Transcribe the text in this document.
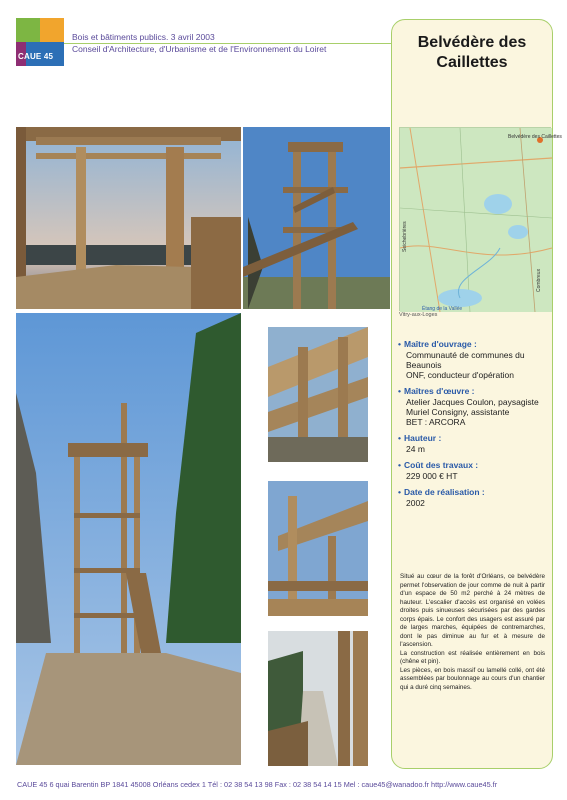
CAUE 45
Bois et bâtiments publics. 3 avril 2003
Conseil d'Architecture, d'Urbanisme et de l'Environnement du Loiret	Belvédère des Caillettes
Belvédère des Caillettes
Seichebrières
Combreux
Étang de la Vallée
Vitry-aux-Loges
• Maître d'ouvrage :
Communauté de communes du Beaunois
ONF, conducteur d'opération
• Maîtres d'œuvre :
Atelier Jacques Coulon, paysagiste
Muriel Consigny, assistante
BET : ARCORA
• Hauteur :
24 m
• Coût des travaux :
229 000 € HT
• Date de réalisation :
2002
Situé au cœur de la forêt d'Orléans, ce belvédère permet l'observation de jour comme de nuit à partir d'un espace de 50 m2 perché à 24 mètres de hauteur. L'escalier d'accès est organisé en volées droites puis sinueuses sécurisées par des gardes corps épais. Le confort des usagers est assuré par de larges marches, équipées de contremarches, dont le pas diminue au fur et à mesure de l'ascension.
La construction est réalisée entièrement en bois (chêne et pin).
Les pièces, en bois massif ou lamellé collé, ont été assemblées par boulonnage au cours d'un chantier qui a duré cinq semaines.
CAUE 45 6 quai Barentin BP 1841 45008 Orléans cedex 1 Tél : 02 38 54 13 98 Fax : 02 38 54 14 15 Mel : caue45@wanadoo.fr http://www.caue45.fr
